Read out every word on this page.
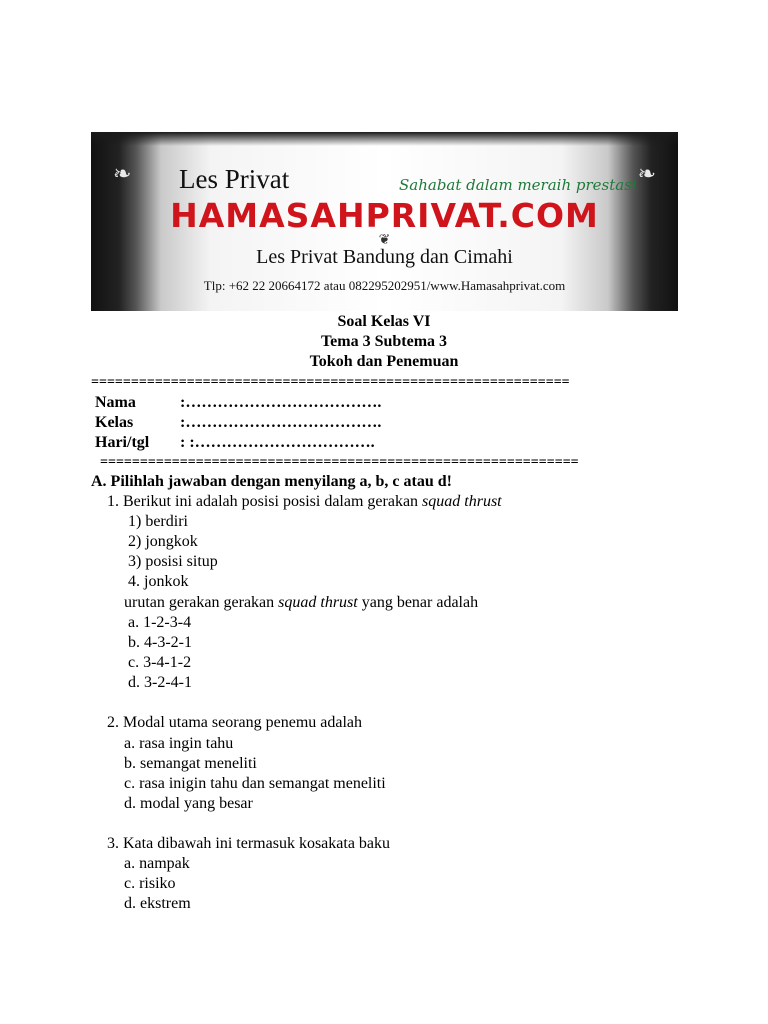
❧	❧
Les Privat	Sahabat dalam meraih prestasi
HAMASAHPRIVAT.COM
❦
Les Privat Bandung dan Cimahi
Tlp: +62 22 20664172 atau 082295202951/www.Hamasahprivat.com
Soal Kelas VI
Tema 3 Subtema 3
Tokoh dan Penemuan
============================================================
Nama	:……………………………….
Kelas	:……………………………….
Hari/tgl : :…………………………….
============================================================
A. Pilihlah jawaban dengan menyilang a, b, c atau d!
1. Berikut ini adalah posisi posisi dalam gerakan squad thrust
1) berdiri
2) jongkok
3) posisi situp
4. jonkok
urutan gerakan gerakan squad thrust yang benar adalah
a. 1-2-3-4
b. 4-3-2-1
c. 3-4-1-2
d. 3-2-4-1
2. Modal utama seorang penemu adalah
a. rasa ingin tahu
b. semangat meneliti
c. rasa inigin tahu dan semangat meneliti
d. modal yang besar
3. Kata dibawah ini termasuk kosakata baku
a. nampak
c. risiko
d. ekstrem
